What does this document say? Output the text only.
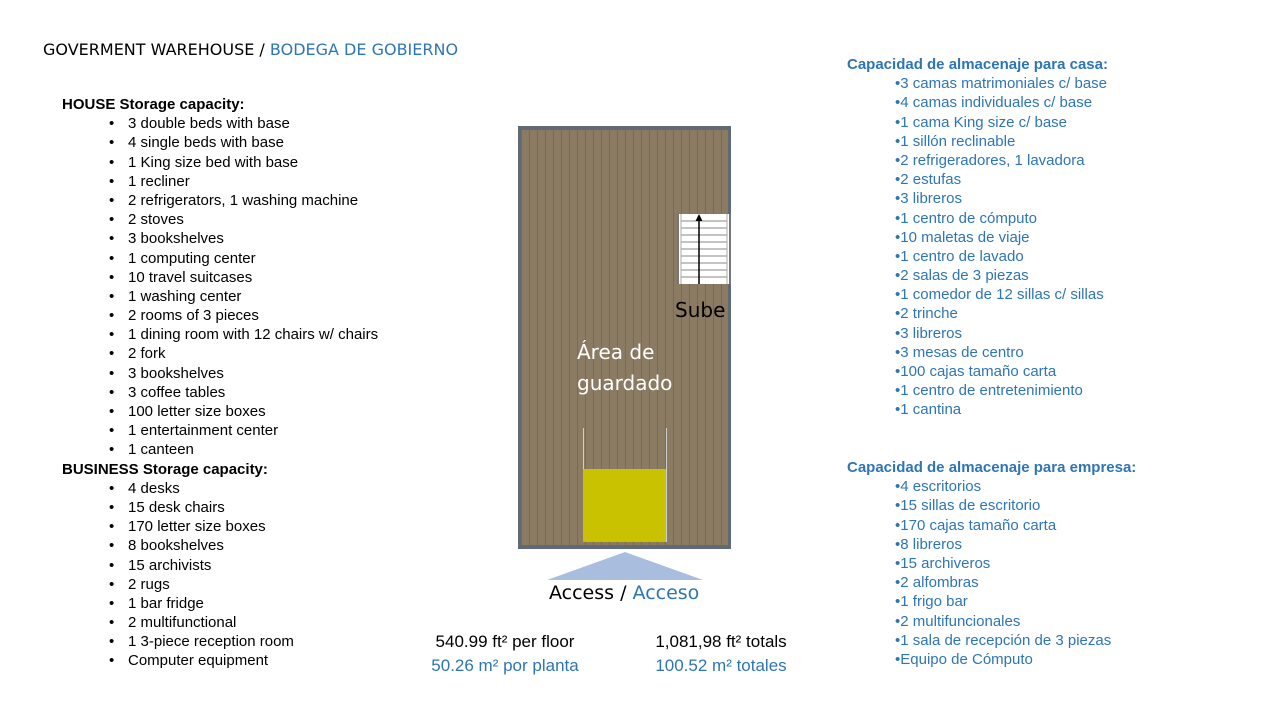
GOVERMENT WAREHOUSE / BODEGA DE GOBIERNO
HOUSE Storage capacity:
• 3 double beds with base
• 4 single beds with base
• 1 King size bed with base
• 1 recliner
• 2 refrigerators, 1 washing machine
• 2 stoves
• 3 bookshelves
• 1 computing center
• 10 travel suitcases
• 1 washing center
• 2 rooms of 3 pieces
• 1 dining room with 12 chairs w/ chairs
• 2 fork
• 3 bookshelves
• 3 coffee tables
• 100 letter size boxes
• 1 entertainment center
• 1 canteen
BUSINESS Storage capacity:
• 4 desks
• 15 desk chairs
• 170 letter size boxes
• 8 bookshelves
• 15 archivists
• 2 rugs
• 1 bar fridge
• 2 multifunctional
• 1 3-piece reception room
• Computer equipment
Capacidad de almacenaje para casa:
• 3 camas matrimoniales c/ base
• 4 camas individuales c/ base
• 1 cama King size c/ base
• 1 sillón reclinable
• 2 refrigeradores, 1 lavadora
• 2 estufas
• 3 libreros
• 1 centro de cómputo
• 10 maletas de viaje
• 1 centro de lavado
• 2 salas de 3 piezas
• 1 comedor de 12 sillas c/ sillas
• 2 trinche
• 3 libreros
• 3 mesas de centro
• 100 cajas tamaño carta
• 1 centro de entretenimiento
• 1 cantina
Capacidad de almacenaje para empresa:
• 4 escritorios
• 15 sillas de escritorio
• 170 cajas tamaño carta
• 8 libreros
• 15 archiveros
• 2 alfombras
• 1 frigo bar
• 2 multifuncionales
• 1 sala de recepción de 3 piezas
• Equipo de Cómputo
Sube
Área de
guardado
Access / Acceso
540.99 ft² per floor
50.26 m² por planta
1,081,98 ft² totals
100.52 m² totales
